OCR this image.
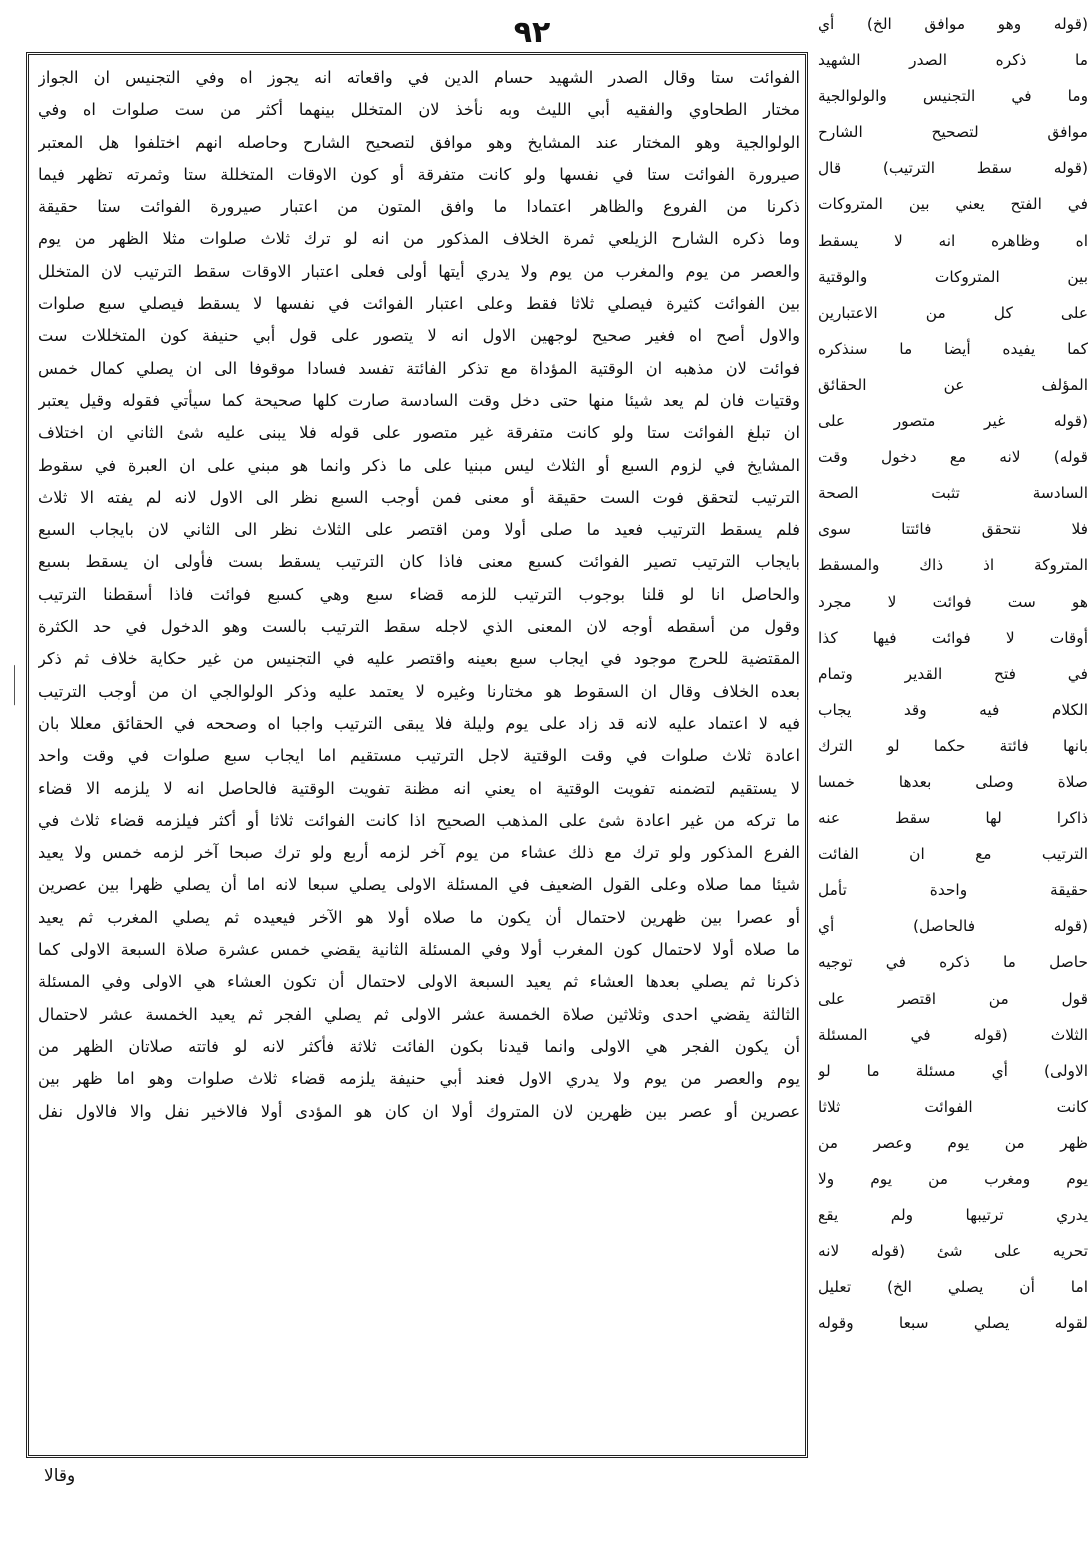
٩٢	(قوله وهو موافق الخ) أي
ما ذكره الصدر الشهيد
وما في التجنيس والولوالجية
موافق لتصحيح الشارح
(قوله سقط الترتيب) قال
في الفتح يعني بين المتروكات
اه وظاهره انه لا يسقط
بين المتروكات والوقتية
على كل من الاعتبارين
كما يفيده أيضا ما سنذكره
المؤلف عن الحقائق
(قوله غير متصور على
قوله) لانه مع دخول وقت
السادسة تثبت الصحة
فلا نتحقق فائتتا سوى
المتروكة اذ ذاك والمسقط
هو ست فوائت لا مجرد
أوقات لا فوائت فيها كذا
في فتح القدير وتمام
الكلام فيه وقد يجاب
بانها فائتة حكما لو الترك
صلاة وصلى بعدها خمسا
ذاكرا لها سقط عنه
الترتيب مع ان الفائت
حقيقة واحدة تأمل
(قوله فالحاصل) أي
حاصل ما ذكره في توجيه
قول من اقتصر على
الثلاث (قوله في المسئلة
الاولى) أي مسئلة ما لو
كانت الفوائت ثلاثا
ظهر من يوم وعصر من
يوم ومغرب من يوم ولا
يدري ترتيبها ولم يقع
تحريه على شئ (قوله لانه
اما أن يصلي الخ) تعليل
لقوله يصلي سبعا وقوله
الفوائت ستا وقال الصدر الشهيد حسام الدين في واقعاته انه يجوز اه وفي التجنيس ان الجواز
مختار الطحاوي والفقيه أبي الليث وبه نأخذ لان المتخلل بينهما أكثر من ست صلوات اه وفي
الولوالجية وهو المختار عند المشايخ وهو موافق لتصحيح الشارح وحاصله انهم اختلفوا هل المعتبر
صيرورة الفوائت ستا في نفسها ولو كانت متفرقة أو كون الاوقات المتخللة ستا وثمرته تظهر فيما
ذكرنا من الفروع والظاهر اعتمادا ما وافق المتون من اعتبار صيرورة الفوائت ستا حقيقة
وما ذكره الشارح الزيلعي ثمرة الخلاف المذكور من انه لو ترك ثلاث صلوات مثلا الظهر من يوم
والعصر من يوم والمغرب من يوم ولا يدري أيتها أولى فعلى اعتبار الاوقات سقط الترتيب لان المتخلل
بين الفوائت كثيرة فيصلي ثلاثا فقط وعلى اعتبار الفوائت في نفسها لا يسقط فيصلي سبع صلوات
والاول أصح اه فغير صحيح لوجهين الاول انه لا يتصور على قول أبي حنيفة كون المتخللات ست
فوائت لان مذهبه ان الوقتية المؤداة مع تذكر الفائتة تفسد فسادا موقوفا الى ان يصلي كمال خمس
وقتيات فان لم يعد شيئا منها حتى دخل وقت السادسة صارت كلها صحيحة كما سيأتي فقوله وقيل يعتبر
ان تبلغ الفوائت ستا ولو كانت متفرقة غير متصور على قوله فلا يبنى عليه شئ الثاني ان اختلاف
المشايخ في لزوم السبع أو الثلاث ليس مبنيا على ما ذكر وانما هو مبني على ان العبرة في سقوط
الترتيب لتحقق فوت الست حقيقة أو معنى فمن أوجب السبع نظر الى الاول لانه لم يفته الا ثلاث
فلم يسقط الترتيب فعيد ما صلى أولا ومن اقتصر على الثلاث نظر الى الثاني لان بايجاب السبع
بايجاب الترتيب تصير الفوائت كسبع معنى فاذا كان الترتيب يسقط بست فأولى ان يسقط بسبع
والحاصل انا لو قلنا بوجوب الترتيب للزمه قضاء سبع وهي كسبع فوائت فاذا أسقطنا الترتيب
وقول من أسقطه أوجه لان المعنى الذي لاجله سقط الترتيب بالست وهو الدخول في حد الكثرة
المقتضية للحرج موجود في ايجاب سبع بعينه واقتصر عليه في التجنيس من غير حكاية خلاف ثم ذكر
بعده الخلاف وقال ان السقوط هو مختارنا وغيره لا يعتمد عليه وذكر الولوالجي ان من أوجب الترتيب
فيه لا اعتماد عليه لانه قد زاد على يوم وليلة فلا يبقى الترتيب واجبا اه وصححه في الحقائق معللا بان
اعادة ثلاث صلوات في وقت الوقتية لاجل الترتيب مستقيم اما ايجاب سبع صلوات في وقت واحد
لا يستقيم لتضمنه تفويت الوقتية اه يعني انه مظنة تفويت الوقتية فالحاصل انه لا يلزمه الا قضاء
ما تركه من غير اعادة شئ على المذهب الصحيح اذا كانت الفوائت ثلاثا أو أكثر فيلزمه قضاء ثلاث في
الفرع المذكور ولو ترك مع ذلك عشاء من يوم آخر لزمه أربع ولو ترك صبحا آخر لزمه خمس ولا يعيد
شيئا مما صلاه وعلى القول الضعيف في المسئلة الاولى يصلي سبعا لانه اما أن يصلي ظهرا بين عصرين
أو عصرا بين ظهرين لاحتمال أن يكون ما صلاه أولا هو الآخر فيعيده ثم يصلي المغرب ثم يعيد
ما صلاه أولا لاحتمال كون المغرب أولا وفي المسئلة الثانية يقضي خمس عشرة صلاة السبعة الاولى كما
ذكرنا ثم يصلي بعدها العشاء ثم يعيد السبعة الاولى لاحتمال أن تكون العشاء هي الاولى وفي المسئلة
الثالثة يقضي احدى وثلاثين صلاة الخمسة عشر الاولى ثم يصلي الفجر ثم يعيد الخمسة عشر لاحتمال
أن يكون الفجر هي الاولى وانما قيدنا بكون الفائت ثلاثة فأكثر لانه لو فاتته صلاتان الظهر من
يوم والعصر من يوم ولا يدري الاول فعند أبي حنيفة يلزمه قضاء ثلاث صلوات وهو اما ظهر بين
عصرين أو عصر بين ظهرين لان المتروك أولا ان كان هو المؤدى أولا فالاخير نفل والا فالاول نفل
وقالا
